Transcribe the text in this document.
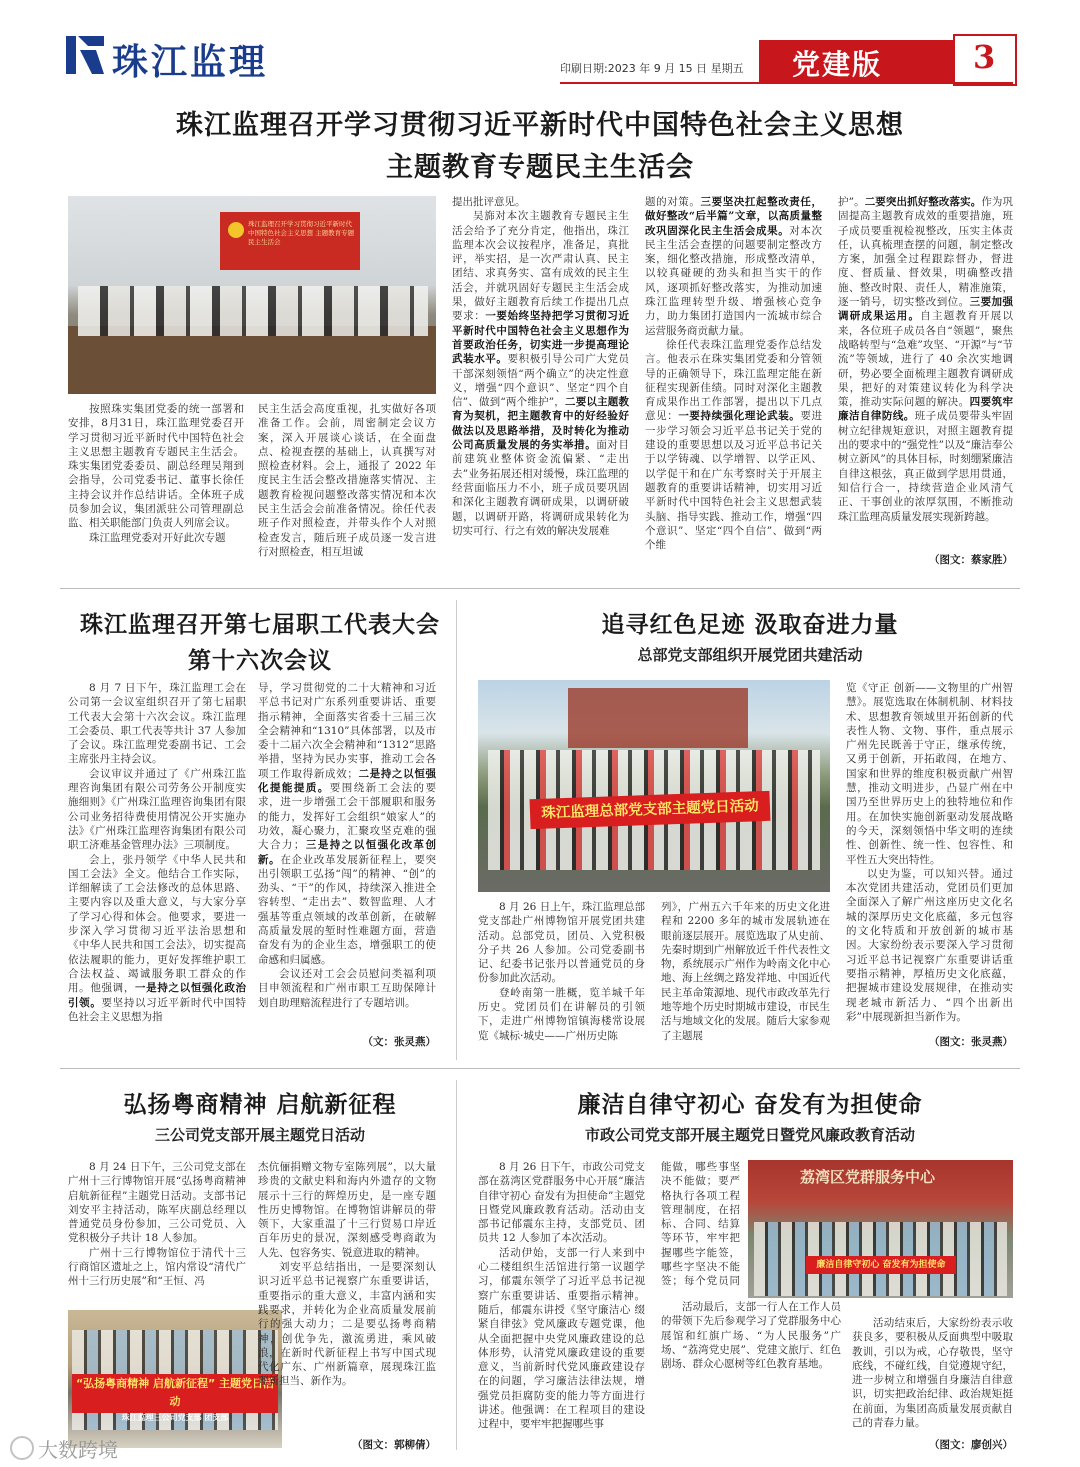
珠江监理	印刷日期:2023 年 9 月 15 日 星期五 党建版	3
珠江监理召开学习贯彻习近平新时代中国特色社会主义思想
主题教育专题民主生活会
珠江监理召开学习贯彻习近平新时代中国特色社会主义思想 主题教育专题民主生活会

按照珠实集团党委的统一部署和安排，8月31日，珠江监理党委召开学习贯彻习近平新时代中国特色社会主义思想主题教育专题民主生活会。珠实集团党委委员、副总经理吴翔到会指导，公司党委书记、董事长徐任主持会议并作总结讲话。全体班子成员参加会议，集团派驻公司管理副总监、相关职能部门负责人列席会议。

珠江监理党委对开好此次专题

民主生活会高度重视，扎实做好各项准备工作。会前，周密制定会议方案，深入开展谈心谈话，在全面盘点、检视查摆的基础上，认真撰写对照检查材料。会上，通报了 2022 年度民主生活会整改措施落实情况、主题教育检视问题整改落实情况和本次民主生活会会前准备情况。徐任代表班子作对照检查，并带头作个人对照检查发言，随后班子成员逐一发言进行对照检查，相互坦诚

提出批评意见。

吴旆对本次主题教育专题民主生活会给予了充分肯定，他指出，珠江监理本次会议按程序，准备足，真批评，举实招，是一次严肃认真、民主团结、求真务实、富有成效的民主生活会，并就巩固好专题民主生活会成果，做好主题教育后续工作提出几点要求：一要始终坚持把学习贯彻习近平新时代中国特色社会主义思想作为首要政治任务，切实进一步提高理论武装水平。要积极引导公司广大党员干部深刻领悟“两个确立”的决定性意义，增强“四个意识”、坚定“四个自信”、做到“两个维护”，二要以主题教育为契机，把主题教育中的好经验好做法以及思路举措，及时转化为推动公司高质量发展的务实举措。面对目前建筑业整体资金流偏紧、“走出去”业务拓展还相对缓慢，珠江监理的经营面临压力不小，班子成员要巩固和深化主题教育调研成果，以调研破题，以调研开路，将调研成果转化为切实可行、行之有效的解决发展难

题的对策。三要坚决扛起整改责任，做好整改“后半篇”文章，以高质量整改巩固深化民主生活会成果。对本次民主生活会查摆的问题要制定整改方案，细化整改措施，形成整改清单，以较真碰硬的劲头和担当实干的作风，逐项抓好整改落实，为推动加速珠江监理转型升级、增强核心竞争力，助力集团打造国内一流城市综合运营服务商贡献力量。

徐任代表珠江监理党委作总结发言。他表示在珠实集团党委和分管领导的正确领导下，珠江监理定能在新征程实现新佳绩。同时对深化主题教育成果作出工作部署，提出以下几点意见：一要持续强化理论武装。要进一步学习领会习近平总书记关于党的建设的重要思想以及习近平总书记关于以学铸魂、以学增智、以学正风、以学促干和在广东考察时关于开展主题教育的重要讲话精神，切实用习近平新时代中国特色社会主义思想武装头脑、指导实践、推动工作，增强“四个意识”、坚定“四个自信”、做到“两个维

护”。二要突出抓好整改落实。作为巩固提高主题教育成效的重要措施，班子成员要重视检视整改，压实主体责任，认真梳理查摆的问题，制定整改方案，加强全过程跟踪督办，督进度、督质量、督效果，明确整改措施、整改时限、责任人，精准施策，逐一销号，切实整改到位。三要加强调研成果运用。自主题教育开展以来，各位班子成员各自“领题”，聚焦战略转型与“急难”攻坚、“开源”与“节流”等领域，进行了 40 余次实地调研，势必要全面梳理主题教育调研成果，把好的对策建议转化为科学决策，推动实际问题的解决。四要筑牢廉洁自律防线。班子成员要带头牢固树立纪律规矩意识，对照主题教育提出的要求中的“强党性”以及“廉洁奉公树立新风”的具体目标，时刻绷紧廉洁自律这根弦，真正做到学思用贯通，知信行合一，持续营造企业风清气正、干事创业的浓厚氛围，不断推动珠江监理高质量发展实现新跨越。

（图文：蔡家胜）
珠江监理召开第七届职工代表大会
第十六次会议

8 月 7 日下午，珠江监理工会在公司第一会议室组织召开了第七届职工代表大会第十六次会议。珠江监理工会委员、职工代表等共计 37 人参加了会议。珠江监理党委副书记、工会主席张丹主持会议。

会议审议并通过了《广州珠江监理咨询集团有限公司劳务公开制度实施细则》《广州珠江监理咨询集团有限公司业务招待费使用情况公开实施办法》《广州珠江监理咨询集团有限公司职工济难基金管理办法》三项制度。

会上，张丹领学《中华人民共和国工会法》全文。他结合工作实际，详细解读了工会法修改的总体思路、主要内容以及重大意义，与大家分享了学习心得和体会。他要求，要进一步深入学习贯彻习近平法治思想和《中华人民共和国工会法》，切实提高依法履职的能力，更好发挥维护职工合法权益、竭诚服务职工群众的作用。他强调，一是持之以恒强化政治引领。要坚持以习近平新时代中国特色社会主义思想为指

导，学习贯彻党的二十大精神和习近平总书记对广东系列重要讲话、重要指示精神，全面落实省委十三届三次全会精神和“1310”具体部署，以及市委十二届六次全会精神和“1312”思路举措，坚持为民办实事，推动工会各项工作取得新成效；二是持之以恒强化提能提质。要围绕新工会法的要求，进一步增强工会干部履职和服务的能力，发挥好工会组织“娘家人”的功效，凝心聚力，汇聚攻坚克难的强大合力；三是持之以恒强化改革创新。在企业改革发展新征程上，要突出引领职工弘扬“闯”的精神、“创”的劲头、“干”的作风，持续深入推进全容转型、“走出去”、数智监理、人才强基等重点领域的改革创新，在破解高质量发展的堑时性难题方面，营造奋发有为的企业生态，增强职工的使命感和归属感。

会议还对工会会员慰问类福利项目申领流程和广州市职工互助保障计划自助理赔流程进行了专题培训。

（文：张灵燕）
追寻红色足迹 汲取奋进力量
总部党支部组织开展党团共建活动
珠江监理总部党支部主题党日活动

8 月 26 日上午，珠江监理总部党支部赴广州博物馆开展党团共建活动。总部党员，团员、入党积极分子共 26 人参加。公司党委副书记、纪委书记张丹以普通党员的身份参加此次活动。

登岭南第一胜概，览羊城千年历史。党团员们在讲解员的引领下，走进广州博物馆镇海楼常设展览《城标·城史——广州历史陈

列》，广州五六千年来的历史文化进程和 2200 多年的城市发展轨迹在眼前逐层展开。展览选取了从史前、先秦时期到广州解放近千件代表性文物，系统展示广州作为岭南文化中心地、海上丝绸之路发祥地、中国近代民主革命策源地、现代市政改革先行地等地个历史时期城市建设，市民生活与地域文化的发展。随后大家参观了主题展

览《守正 创新——文物里的广州智慧》。展览选取在体制机制、材料技术、思想教育领域里开拓创新的代表性人物、文物、事件，重点展示广州先民既善于守正，继承传统，又勇于创新，开拓敢闯，在地方、国家和世界的维度积极贡献广州智慧，推动文明进步，凸显广州在中国乃至世界历史上的独特地位和作用。在加快实施创新驱动发展战略的今天，深刻领悟中华文明的连续性、创新性、统一性、包容性、和平性五大突出特性。

以史为鉴，可以知兴替。通过本次党团共建活动，党团员们更加全面深入了解广州这座历史文化名城的深厚历史文化底蕴，多元包容的文化特质和开放创新的城市基因。大家纷纷表示要深入学习贯彻习近平总书记视察广东重要讲话重要指示精神，厚植历史文化底蕴，把握城市建设发展规律，在推动实现老城市新活力、“四个出新出彩”中展现新担当新作为。

（图文：张灵燕）
弘扬粤商精神 启航新征程
三公司党支部开展主题党日活动

8 月 24 日下午，三公司党支部在广州十三行博物馆开展“弘扬粤商精神 启航新征程”主题党日活动。支部书记刘安平主持活动，陈军庆副总经理以普通党员身份参加，三公司党员、入党积极分子共计 18 人参加。

广州十三行博物馆位于清代十三行商馆区遗址之上，馆内常设“清代广州十三行历史展”和“王恒、冯

“弘扬粤商精神 启航新征程” 主题党日活动
珠江监理三公司党支部 团支部

杰伉俪捐赠文物专室陈列展”，以大量珍贵的文献史料和海内外遗存的文物展示十三行的辉煌历史，是一座专题性历史博物馆。在博物馆讲解员的带领下，大家重温了十三行贸易口岸近百年历史的景况，深刻感受粤商敢为人先、包容务实、锐意进取的精神。

刘安平总结指出，一是要深刻认识习近平总书记视察广东重要讲话，重要指示的重大意义，丰富内涵和实践要求，并转化为企业高质量发展前行的强大动力；二是要弘扬粤商精神，创优争先，激流勇进，乘风破浪，在新时代新征程上书写中国式现代化广东、广州新篇章，展现珠江监理新担当、新作为。

（图文：郭柳倩）
廉洁自律守初心 奋发有为担使命
市政公司党支部开展主题党日暨党风廉政教育活动

8 月 26 日下午，市政公司党支部在荔湾区党群服务中心开展“廉洁自律守初心 奋发有为担使命”主题党日暨党风廉政教育活动。活动由支部书记郁震东主持，支部党员、团员共 12 人参加了本次活动。

活动伊始，支部一行人来到中心二楼组织生活馆进行第一议题学习，郁震东领学了习近平总书记视察广东重要讲话、重要指示精神。随后，郁震东讲授《坚守廉洁心 缀紧自律弦》党风廉政专题党课，他从全面把握中央党风廉政建设的总体形势，认清党风廉政建设的重要意义，当前新时代党风廉政建设存在的问题，学习廉洁法律法规，增强党员拒腐防变的能力等方面进行讲述。他强调：在工程项目的建设过程中，要牢牢把握哪些事

能做，哪些事坚决不能做；要严格执行各项工程管理制度，在招标、合同、结算等环节，牢牢把握哪些字能签，哪些字坚决不能签；每个党员同

荔湾区党群服务中心
廉洁自律守初心 奋发有为担使命

活动最后，支部一行人在工作人员的带领下先后参观学习了党群服务中心展馆和红旗广场、“为人民服务”广场、“荔湾党史展”、党建文旅厅、红色剧场、群众心愿树等红色教育基地。

活动结束后，大家纷纷表示收获良多，要积极从反面典型中吸取教训，引以为戒，心存敬畏，坚守底线，不碰红线，自觉遵规守纪，进一步树立和增强自身廉洁自律意识，切实把政治纪律、政治规矩挺在前面，为集团高质量发展贡献自己的青春力量。

（图文：廖创兴）
大数跨境
